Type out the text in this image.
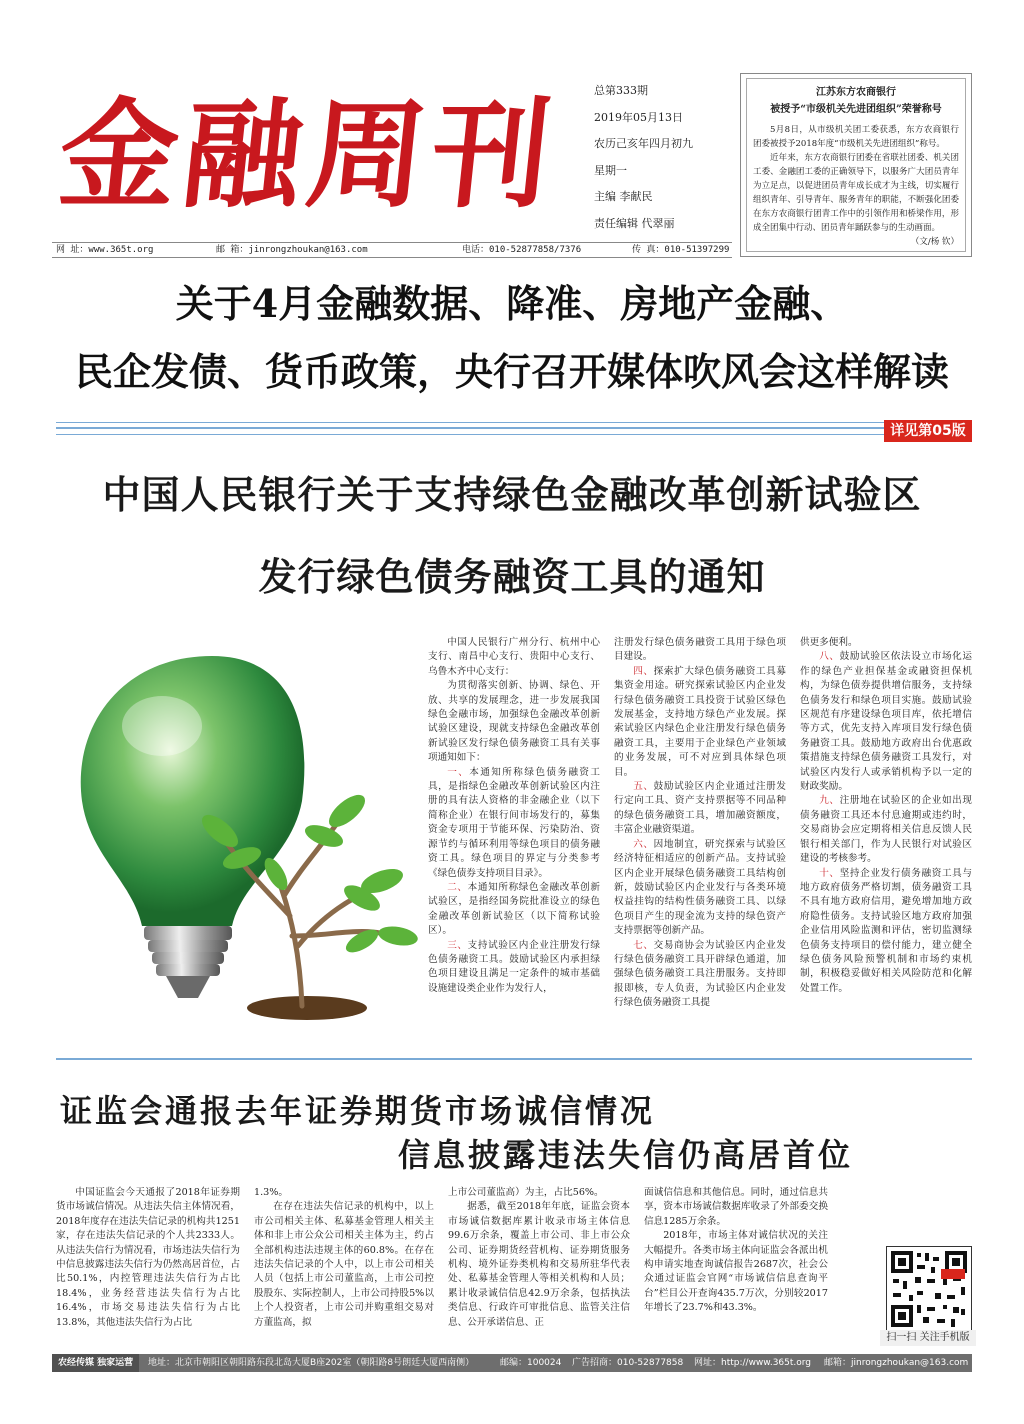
金融周刊	总第333期
2019年05月13日
农历己亥年四月初九
星期一
主编 李献民
责任编辑 代翠丽
江苏东方农商银行
被授予“市级机关先进团组织”荣誉称号

5月8日，从市级机关团工委获悉，东方农商银行团委被授予2018年度“市级机关先进团组织”称号。

近年来，东方农商银行团委在省联社团委、机关团工委、金融团工委的正确领导下，以服务广大团员青年为立足点，以促进团员青年成长成才为主线，切实履行组织青年、引导青年、服务青年的职能，不断强化团委在东方农商银行团青工作中的引领作用和桥梁作用，形成全团集中行动、团员青年踊跃参与的生动画面。

（文/杨 钦）
网 址：www.365t.org	邮 箱：jinrongzhoukan@163.com	电话：010-52877858/7376	传 真：010-51397299
关于4月金融数据、降准、房地产金融、
民企发债、货币政策，央行召开媒体吹风会这样解读
详见第05版
中国人民银行关于支持绿色金融改革创新试验区
发行绿色债务融资工具的通知

中国人民银行广州分行、杭州中心支行、南昌中心支行、贵阳中心支行、乌鲁木齐中心支行：

为贯彻落实创新、协调、绿色、开放、共享的发展理念，进一步发展我国绿色金融市场，加强绿色金融改革创新试验区建设，现就支持绿色金融改革创新试验区发行绿色债务融资工具有关事项通知如下：

一、本通知所称绿色债务融资工具，是指绿色金融改革创新试验区内注册的具有法人资格的非金融企业（以下简称企业）在银行间市场发行的，募集资金专项用于节能环保、污染防治、资源节约与循环利用等绿色项目的债务融资工具。绿色项目的界定与分类参考《绿色债券支持项目目录》。

二、本通知所称绿色金融改革创新试验区，是指经国务院批准设立的绿色金融改革创新试验区（以下简称试验区）。

三、支持试验区内企业注册发行绿色债务融资工具。鼓励试验区内承担绿色项目建设且满足一定条件的城市基础设施建设类企业作为发行人，

注册发行绿色债务融资工具用于绿色项目建设。

四、探索扩大绿色债务融资工具募集资金用途。研究探索试验区内企业发行绿色债务融资工具投资于试验区绿色发展基金，支持地方绿色产业发展。探索试验区内绿色企业注册发行绿色债务融资工具，主要用于企业绿色产业领域的业务发展，可不对应到具体绿色项目。

五、鼓励试验区内企业通过注册发行定向工具、资产支持票据等不同品种的绿色债务融资工具，增加融资额度，丰富企业融资渠道。

六、因地制宜，研究探索与试验区经济特征相适应的创新产品。支持试验区内企业开展绿色债务融资工具结构创新，鼓励试验区内企业发行与各类环境权益挂钩的结构性债务融资工具、以绿色项目产生的现金流为支持的绿色资产支持票据等创新产品。

七、交易商协会为试验区内企业发行绿色债务融资工具开辟绿色通道，加强绿色债务融资工具注册服务。支持即报即核，专人负责，为试验区内企业发行绿色债务融资工具提

供更多便利。

八、鼓励试验区依法设立市场化运作的绿色产业担保基金或融资担保机构，为绿色债券提供增信服务，支持绿色债务发行和绿色项目实施。鼓励试验区规范有序建设绿色项目库，依托增信等方式，优先支持入库项目发行绿色债务融资工具。鼓励地方政府出台优惠政策措施支持绿色债务融资工具发行，对试验区内发行人或承销机构予以一定的财政奖励。

九、注册地在试验区的企业如出现债务融资工具还本付息逾期或违约时，交易商协会应定期将相关信息反馈人民银行相关部门，作为人民银行对试验区建设的考核参考。

十、坚持企业发行债务融资工具与地方政府债务严格切割，债务融资工具不具有地方政府信用，避免增加地方政府隐性债务。支持试验区地方政府加强企业信用风险监测和评估，密切监测绿色债务支持项目的偿付能力，建立健全绿色债务风险预警机制和市场约束机制，积极稳妥做好相关风险防范和化解处置工作。

证监会通报去年证券期货市场诚信情况
信息披露违法失信仍高居首位

中国证监会今天通报了2018年证券期货市场诚信情况。从违法失信主体情况看，2018年度存在违法失信记录的机构共1251家，存在违法失信记录的个人共2333人。从违法失信行为情况看，市场违法失信行为中信息披露违法失信行为仍然高居首位，占比50.1%，内控管理违法失信行为占比18.4%，业务经营违法失信行为占比16.4%，市场交易违法失信行为占比13.8%，其他违法失信行为占比

1.3%。

在存在违法失信记录的机构中，以上市公司相关主体、私募基金管理人相关主体和非上市公众公司相关主体为主，约占全部机构违法违规主体的60.8%。在存在违法失信记录的个人中，以上市公司相关人员（包括上市公司董监高，上市公司控股股东、实际控制人，上市公司持股5%以上个人投资者，上市公司并购重组交易对方董监高，拟

上市公司董监高）为主，占比56%。

据悉，截至2018年年底，证监会资本市场诚信数据库累计收录市场主体信息99.6万余条，覆盖上市公司、非上市公众公司、证券期货经营机构、证券期货服务机构、境外证券类机构和交易所驻华代表处、私募基金管理人等相关机构和人员；累计收录诚信信息42.9万余条，包括执法类信息、行政许可审批信息、监管关注信息、公开承诺信息、正

面诚信信息和其他信息。同时，通过信息共享，资本市场诚信数据库收录了外部委交换信息1285万余条。

2018年，市场主体对诚信状况的关注大幅提升。各类市场主体向证监会各派出机构申请实地查询诚信报告2687次，社会公众通过证监会官网“市场诚信信息查询平台”栏目公开查询435.7万次，分别较2017年增长了23.7%和43.3%。

扫一扫 关注手机版
农经传媒 独家运营	地址：北京市朝阳区朝阳路东段北岛大厦B座202室（朝阳路8号朗廷大厦西南侧）	邮编：100024 广告招商：010-52877858 网址：http://www.365t.org 邮箱：jinrongzhoukan@163.com
